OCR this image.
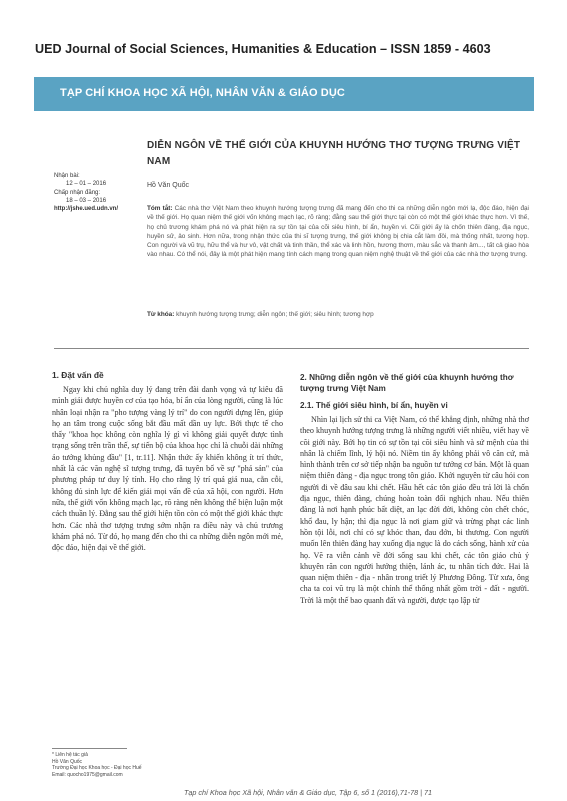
UED Journal of Social Sciences, Humanities & Education – ISSN 1859 - 4603
TẠP CHÍ KHOA HỌC XÃ HỘI, NHÂN VĂN & GIÁO DỤC
Nhận bài:
12 – 01 – 2016
Chấp nhận đăng:
18 – 03 – 2016
http://jshe.ued.udn.vn/
DIỄN NGÔN VỀ THẾ GIỚI CỦA KHUYNH HƯỚNG THƠ TƯỢNG TRƯNG VIỆT NAM
Hồ Văn Quốc
Tóm tắt: Các nhà thơ Việt Nam theo khuynh hướng tượng trưng đã mang đến cho thi ca những diễn ngôn mới lạ, độc đáo, hiện đại về thế giới. Họ quan niệm thế giới vốn không mạch lạc, rõ ràng; đằng sau thế giới thực tại còn có một thế giới khác thực hơn. Vì thế, họ chủ trương khám phá nó và phát hiện ra sự tồn tại của cõi siêu hình, bí ẩn, huyền vi. Cõi giới ấy là chốn thiên đàng, địa ngục, huyền sử, ảo sinh. Hơn nữa, trong nhận thức của thi sĩ tượng trưng, thế giới không bị chia cắt làm đôi, mà thống nhất, tương hợp. Con người và vũ trụ, hữu thể và hư vô, vật chất và tinh thần, thể xác và linh hồn, hương thơm, màu sắc và thanh âm..., tất cả giao hòa vào nhau. Có thể nói, đây là một phát hiện mang tính cách mạng trong quan niệm nghệ thuật về thế giới của các nhà thơ tượng trưng.
Từ khóa: khuynh hướng tượng trưng; diễn ngôn; thế giới; siêu hình; tương hợp
1. Đặt vấn đề

Ngay khi chủ nghĩa duy lý đang trên đài danh vọng và tự kiêu đã mình giải được huyền cơ của tạo hóa, bí ẩn của lòng người, cũng là lúc nhân loại nhận ra "pho tượng vàng lý trí" do con người dựng lên, giúp họ an tâm trong cuộc sống bắt đầu mất dần uy lực. Bởi thực tế cho thấy "khoa học không còn nghĩa lý gì vì không giải quyết được tình trạng sống trên trần thế, sự tiến bộ của khoa học chỉ là chuỗi dài những ảo tưởng khủng đầu" [1, tr.11]. Nhận thức ấy khiến không ít trí thức, nhất là các văn nghệ sĩ tượng trưng, đã tuyên bố về sự "phá sản" của phương pháp tư duy lý tính. Họ cho rằng lý trí quá giả nua, cằn cỗi, không đủ sinh lực để kiến giải mọi vấn đề của xã hội, con người. Hơn nữa, thế giới vốn không mạch lạc, rõ ràng nên không thể biện luận một cách thuần lý. Đằng sau thế giới hiện tồn còn có một thế giới khác thực hơn. Các nhà thơ tượng trưng sớm nhận ra điều này và chủ trương khám phá nó. Từ đó, họ mang đến cho thi ca những diễn ngôn mới mẻ, độc đáo, hiện đại về thế giới.

2. Những diễn ngôn về thế giới của khuynh hướng thơ tượng trưng Việt Nam
2.1. Thế giới siêu hình, bí ẩn, huyền vi

Nhìn lại lịch sử thi ca Việt Nam, có thể khẳng định, những nhà thơ theo khuynh hướng tượng trưng là những người viết nhiều, viết hay về cõi giới này. Bởi họ tin có sự tồn tại cõi siêu hình và sứ mệnh của thi nhân là chiếm lĩnh, lý hội nó. Niềm tin ấy không phải vô căn cứ, mà hình thành trên cơ sở tiếp nhận ba nguồn tư tưởng cơ bản. Một là quan niệm thiên đàng - địa ngục trong tôn giáo. Khởi nguyên từ câu hỏi con người đi về đâu sau khi chết. Hầu hết các tôn giáo đều trả lời là chốn địa ngục, thiên đàng, chúng hoàn toàn đối nghịch nhau. Nếu thiên đàng là nơi hạnh phúc bất diệt, an lạc đời đời, không còn chết chóc, khổ đau, ly hận; thì địa ngục là nơi giam giữ và trừng phạt các linh hồn tội lỗi, nơi chỉ có sự khóc than, đau đớn, bi thương. Con người muốn lên thiên đàng hay xuống địa ngục là do cách sống, hành xử của họ. Vẽ ra viễn cảnh về đời sống sau khi chết, các tôn giáo chủ ý khuyên răn con người hướng thiện, lánh ác, tu nhân tích đức. Hai là quan niệm thiên - địa - nhân trong triết lý Phương Đông. Từ xưa, ông cha ta coi vũ trụ là một chỉnh thể thống nhất gồm trời - đất - người. Trời là một thế bao quanh đất và người, được tạo lập từ

* Liên hệ tác giả
Hồ Văn Quốc
Trường Đại học Khoa học - Đại học Huế
Email: quocho1975@gmail.com
Tạp chí Khoa học Xã hội, Nhân văn & Giáo dục, Tập 6, số 1 (2016),71-78 | 71
